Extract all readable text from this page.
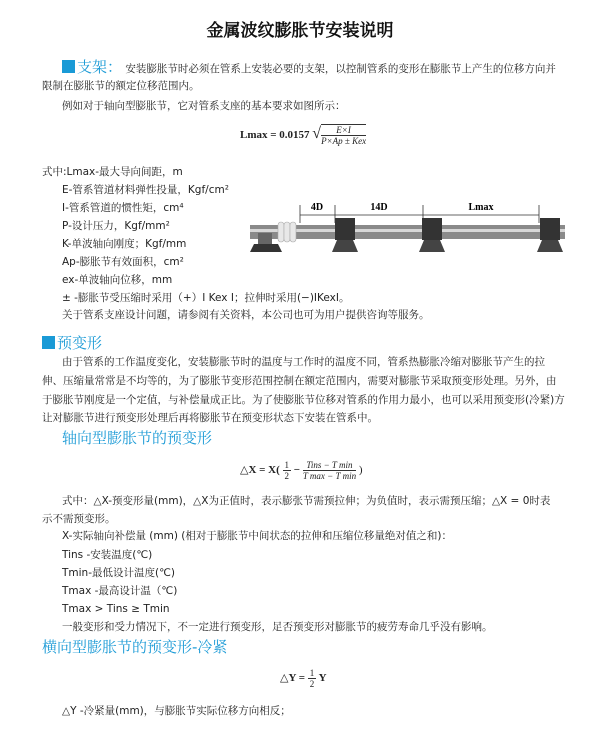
金属波纹膨胀节安装说明
支架： 安装膨胀节时必须在管系上安装必要的支架，以控制管系的变形在膨胀节上产生的位移方向并
限制在膨胀节的额定位移范围内。
例如对于轴向型膨胀节，它对管系支座的基本要求如图所示：
Lmax = 0.0157 √ $\frac{E\times I}{\text{P×Ap ± Kex}}$
式中:Lmax-最大导向间距，m
E-管系管道材料弹性投量，Kgf/cm²
I-管系管道的惯性矩，cm⁴
P-设计压力，Kgf/mm²
K-单波轴向刚度；Kgf/mm
Ap-膨胀节有效面积，cm²
ex-单波轴向位移，mm
± -膨胀节受压缩时采用（+）I Kex I；拉伸时采用(−)IKexI。
关于管系支座设计问题，请参阅有关资料，本公司也可为用户提供咨询等服务。
4D	14D	Lmax
预变形
由于管系的工作温度变化，安装膨胀节时的温度与工作时的温度不同，管系热膨胀冷缩对膨胀节产生的拉
伸、压缩量常常是不均等的，为了膨胀节变形范围控制在额定范围内，需要对膨胀节采取预变形处理。另外，由
于膨胀节刚度是一个定值，与补偿量成正比。为了使膨胀节位移对管系的作用力最小，也可以采用预变形(冷紧)方
让对膨胀节进行预变形处理后再将膨胀节在预变形状态下安装在管系中。
轴向型膨胀节的预变形
△X = $X( \frac{1}{2} - \frac{\text{Tins − T min}}{\text{T max − T min}}$ )
式中：△X-预变形量(mm)，△X为正值时，表示膨张节需预拉伸；为负值时，表示需预压缩；△X = 0时表
示不需预变形。
X-实际轴向补偿量 (mm) (相对于膨胀节中间状态的拉伸和压缩位移量绝对值之和)：
Tins -安装温度(℃)
Tmin-最低设计温度(℃)
Tmax -最高设计温（℃)
Tmax > Tins ≥ Tmin
一般变形和受力情况下，不一定进行预变形，足否预变形对膨胀节的疲劳寿命几乎没有影响。
横向型膨胀节的预变形-冷紧
△Y = $\frac{1}{2}$ Y
△Y -冷紧量(mm)，与膨胀节实际位移方向相反；
